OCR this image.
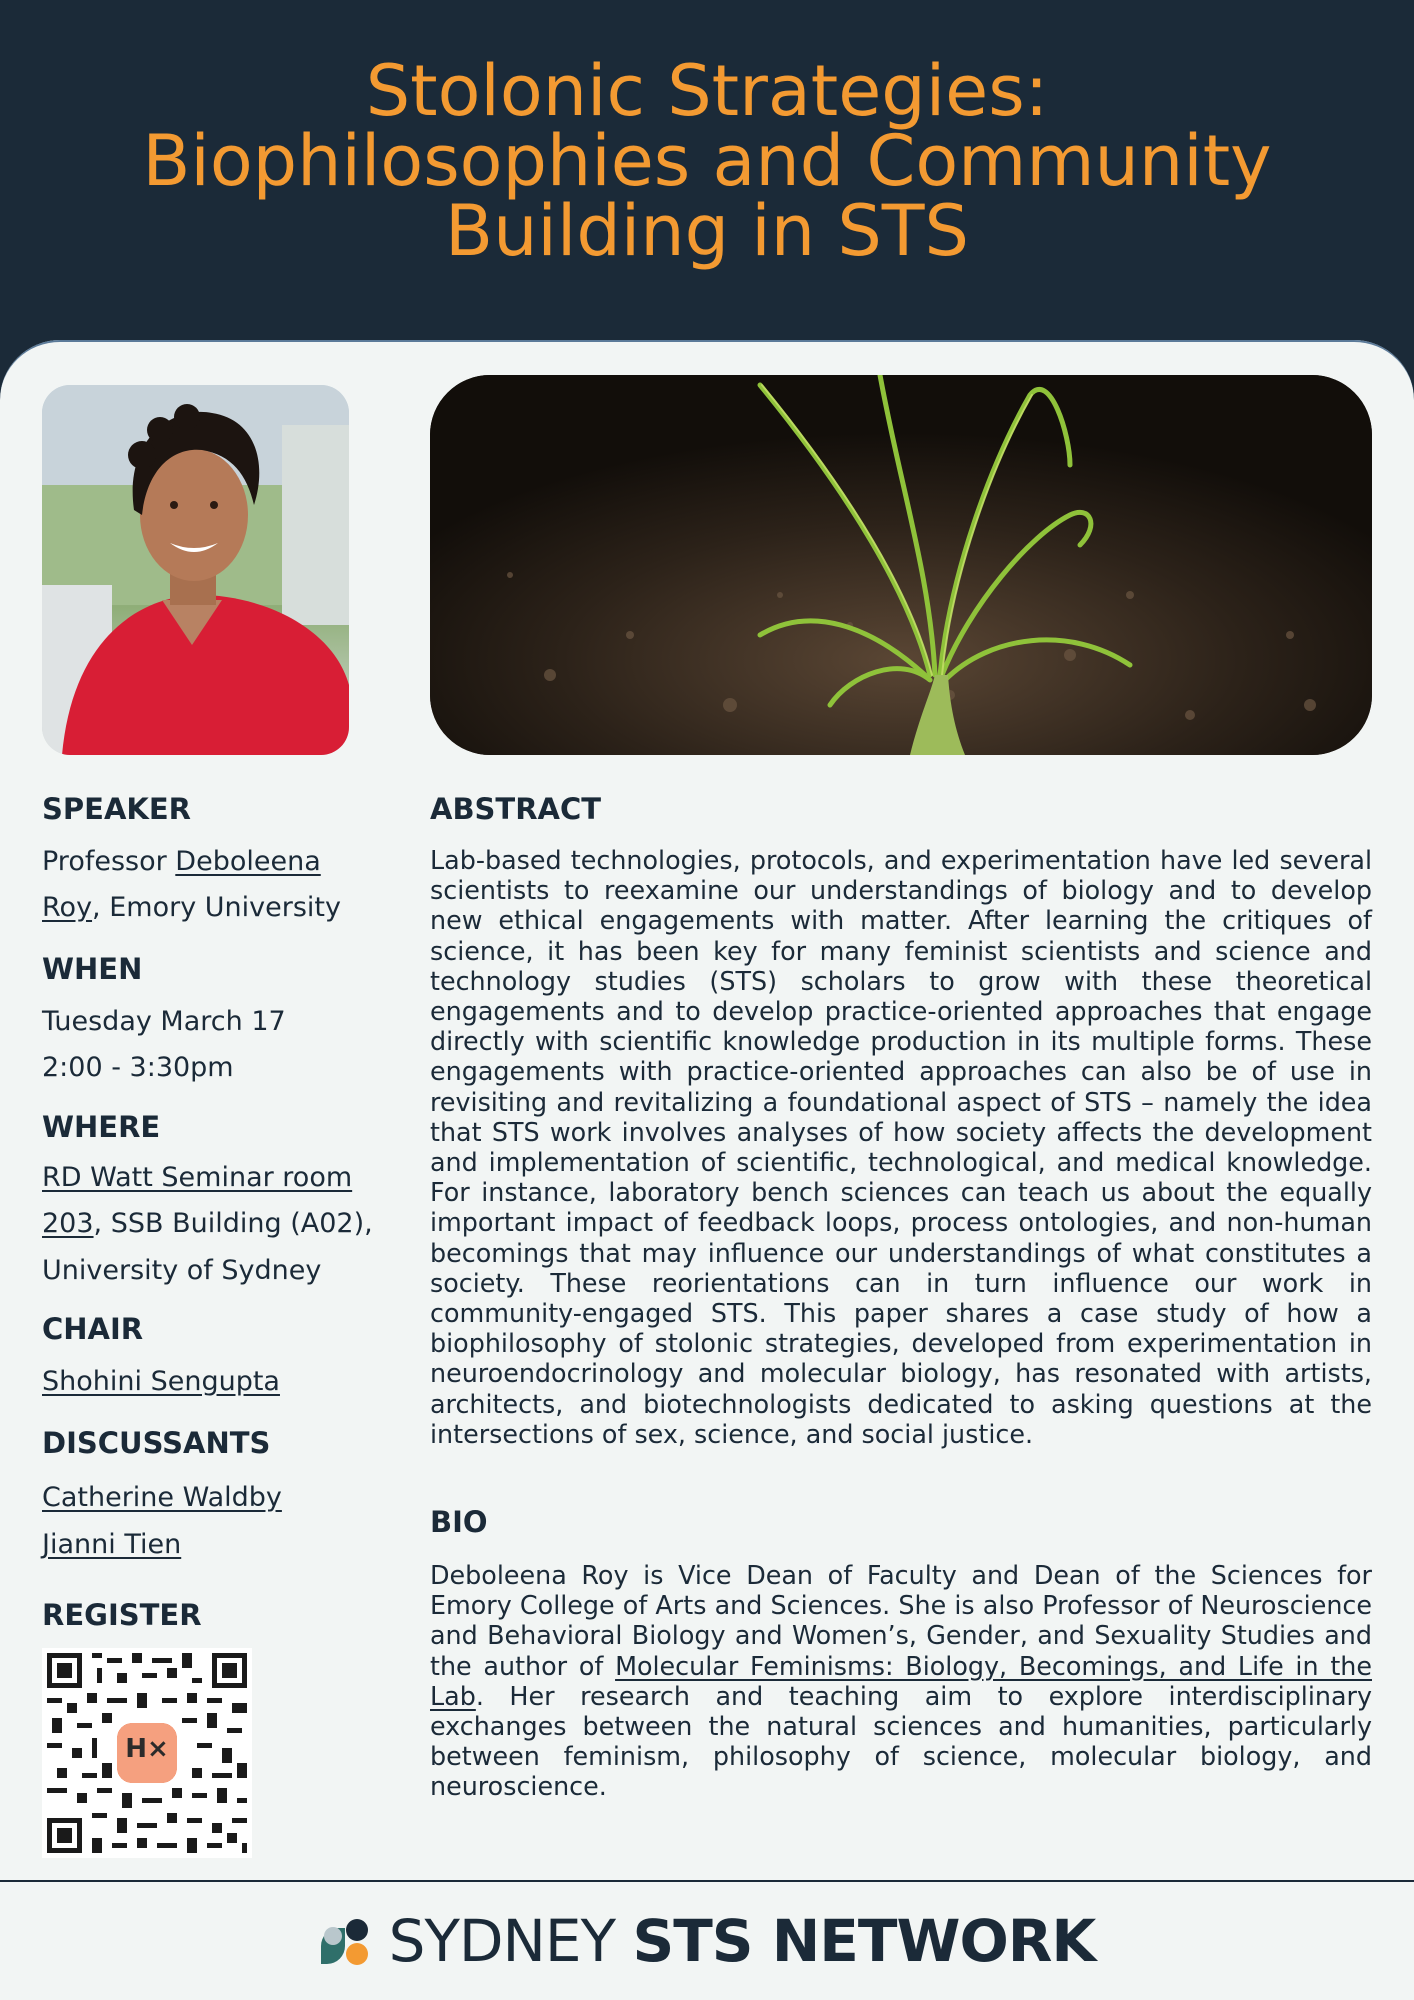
Stolonic Strategies:
Biophilosophies and Community
Building in STS
SPEAKER

Professor Deboleena

Roy, Emory University

WHEN

Tuesday March 17

2:00 - 3:30pm

WHERE

RD Watt Seminar room

203, SSB Building (A02),

University of Sydney

CHAIR

Shohini Sengupta

DISCUSSANTS

Catherine Waldby

Jianni Tien

REGISTER
H×
ABSTRACT

Lab-based technologies, protocols, and experimentation have led several scientists to reexamine our understandings of biology and to develop new ethical engagements with matter. After learning the critiques of science, it has been key for many feminist scientists and science and technology studies (STS) scholars to grow with these theoretical engagements and to develop practice-oriented approaches that engage directly with scientific knowledge production in its multiple forms. These engagements with practice-oriented approaches can also be of use in revisiting and revitalizing a foundational aspect of STS – namely the idea that STS work involves analyses of how society affects the development and implementation of scientific, technological, and medical knowledge. For instance, laboratory bench sciences can teach us about the equally important impact of feedback loops, process ontologies, and non-human becomings that may influence our understandings of what constitutes a society. These reorientations can in turn influence our work in community-engaged STS. This paper shares a case study of how a biophilosophy of stolonic strategies, developed from experimentation in neuroendocrinology and molecular biology, has resonated with artists, architects, and biotechnologists dedicated to asking questions at the intersections of sex, science, and social justice.

BIO

Deboleena Roy is Vice Dean of Faculty and Dean of the Sciences for Emory College of Arts and Sciences. She is also Professor of Neuroscience and Behavioral Biology and Women’s, Gender, and Sexuality Studies and the author of Molecular Feminisms: Biology, Becomings, and Life in the Lab. Her research and teaching aim to explore interdisciplinary exchanges between the natural sciences and humanities, particularly between feminism, philosophy of science, molecular biology, and neuroscience.

SYDNEY STS NETWORK
